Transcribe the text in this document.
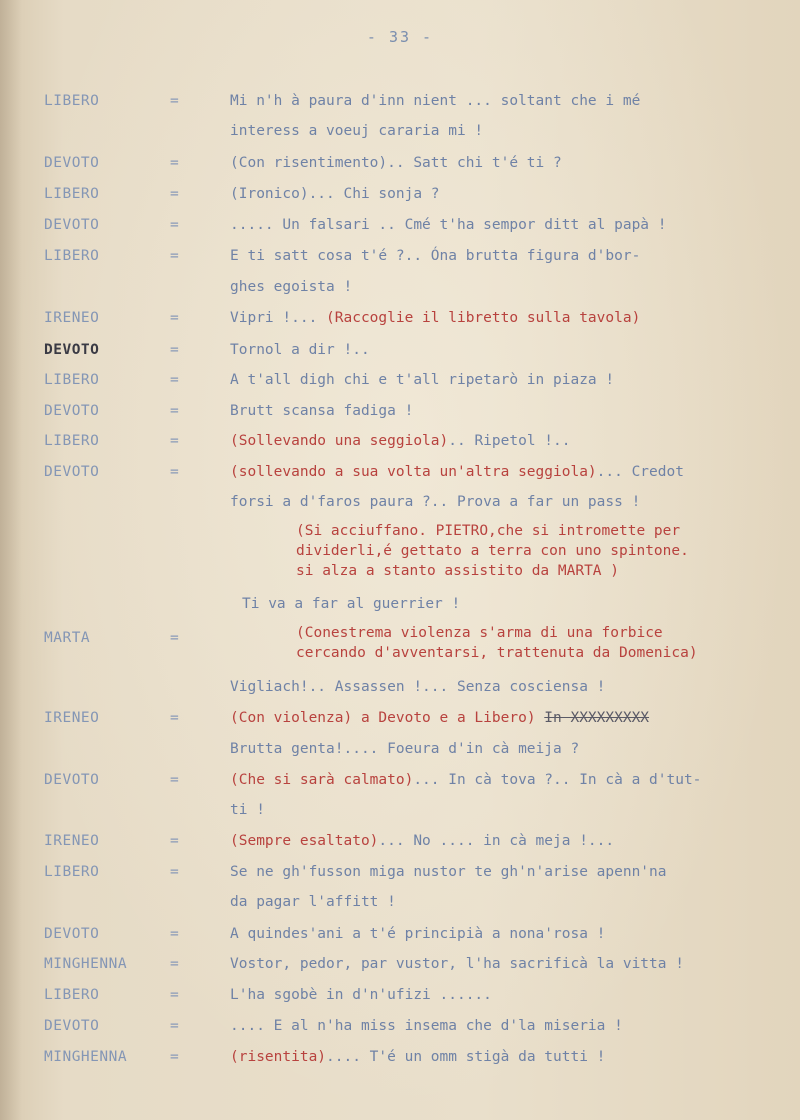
- 33 -
LIBERO	=	Mi n'h à paura d'inn nient ... soltant che i mé
interess a voeuj cararia mi !
DEVOTO	=	(Con risentimento).. Satt chi t'é ti ?
LIBERO	=	(Ironico)... Chi sonja ?
DEVOTO	=	..... Un falsari .. Cmé t'ha sempor ditt al papà !
LIBERO	=	E ti satt cosa t'é ?.. Óna brutta figura d'bor-
ghes egoista !
IRENEO	=	Vipri !... (Raccoglie il libretto sulla tavola)
DEVOTO	=	Tornol a dir !..
LIBERO	=	A t'all digh chi e t'all ripetarò in piaza !
DEVOTO	=	Brutt scansa fadiga !
LIBERO	=	(Sollevando una seggiola).. Ripetol !..
DEVOTO	=	(sollevando a sua volta un'altra seggiola)... Credot
forsi a d'faros paura ?.. Prova a far un pass !
(Si acciuffano. PIETRO,che si intromette per
dividerli,é gettato a terra con uno spintone.
si alza a stanto assistito da MARTA )
Ti va a far al guerrier !
MARTA	=	(Conestrema violenza s'arma di una forbice
cercando d'avventarsi, trattenuta da Domenica)
Vigliach!.. Assassen !... Senza cosciensa !
IRENEO	=	(Con violenza) a Devoto e a Libero) In XXXXXXXXX
Brutta genta!.... Foeura d'in cà meija ?
DEVOTO	=	(Che si sarà calmato)... In cà tova ?.. In cà a d'tut-
ti !
IRENEO	=	(Sempre esaltato)... No .... in cà meja !...
LIBERO	=	Se ne gh'fusson miga nustor te gh'n'arise apenn'na
da pagar l'affitt !
DEVOTO	=	A quindes'ani a t'é principià a nona'rosa !
MINGHENNA	=	Vostor, pedor, par vustor, l'ha sacrificà la vitta !
LIBERO	=	L'ha sgobè in d'n'ufizi ......
DEVOTO	=	.... E al n'ha miss insema che d'la miseria !
MINGHENNA	=	(risentita).... T'é un omm stigà da tutti !
